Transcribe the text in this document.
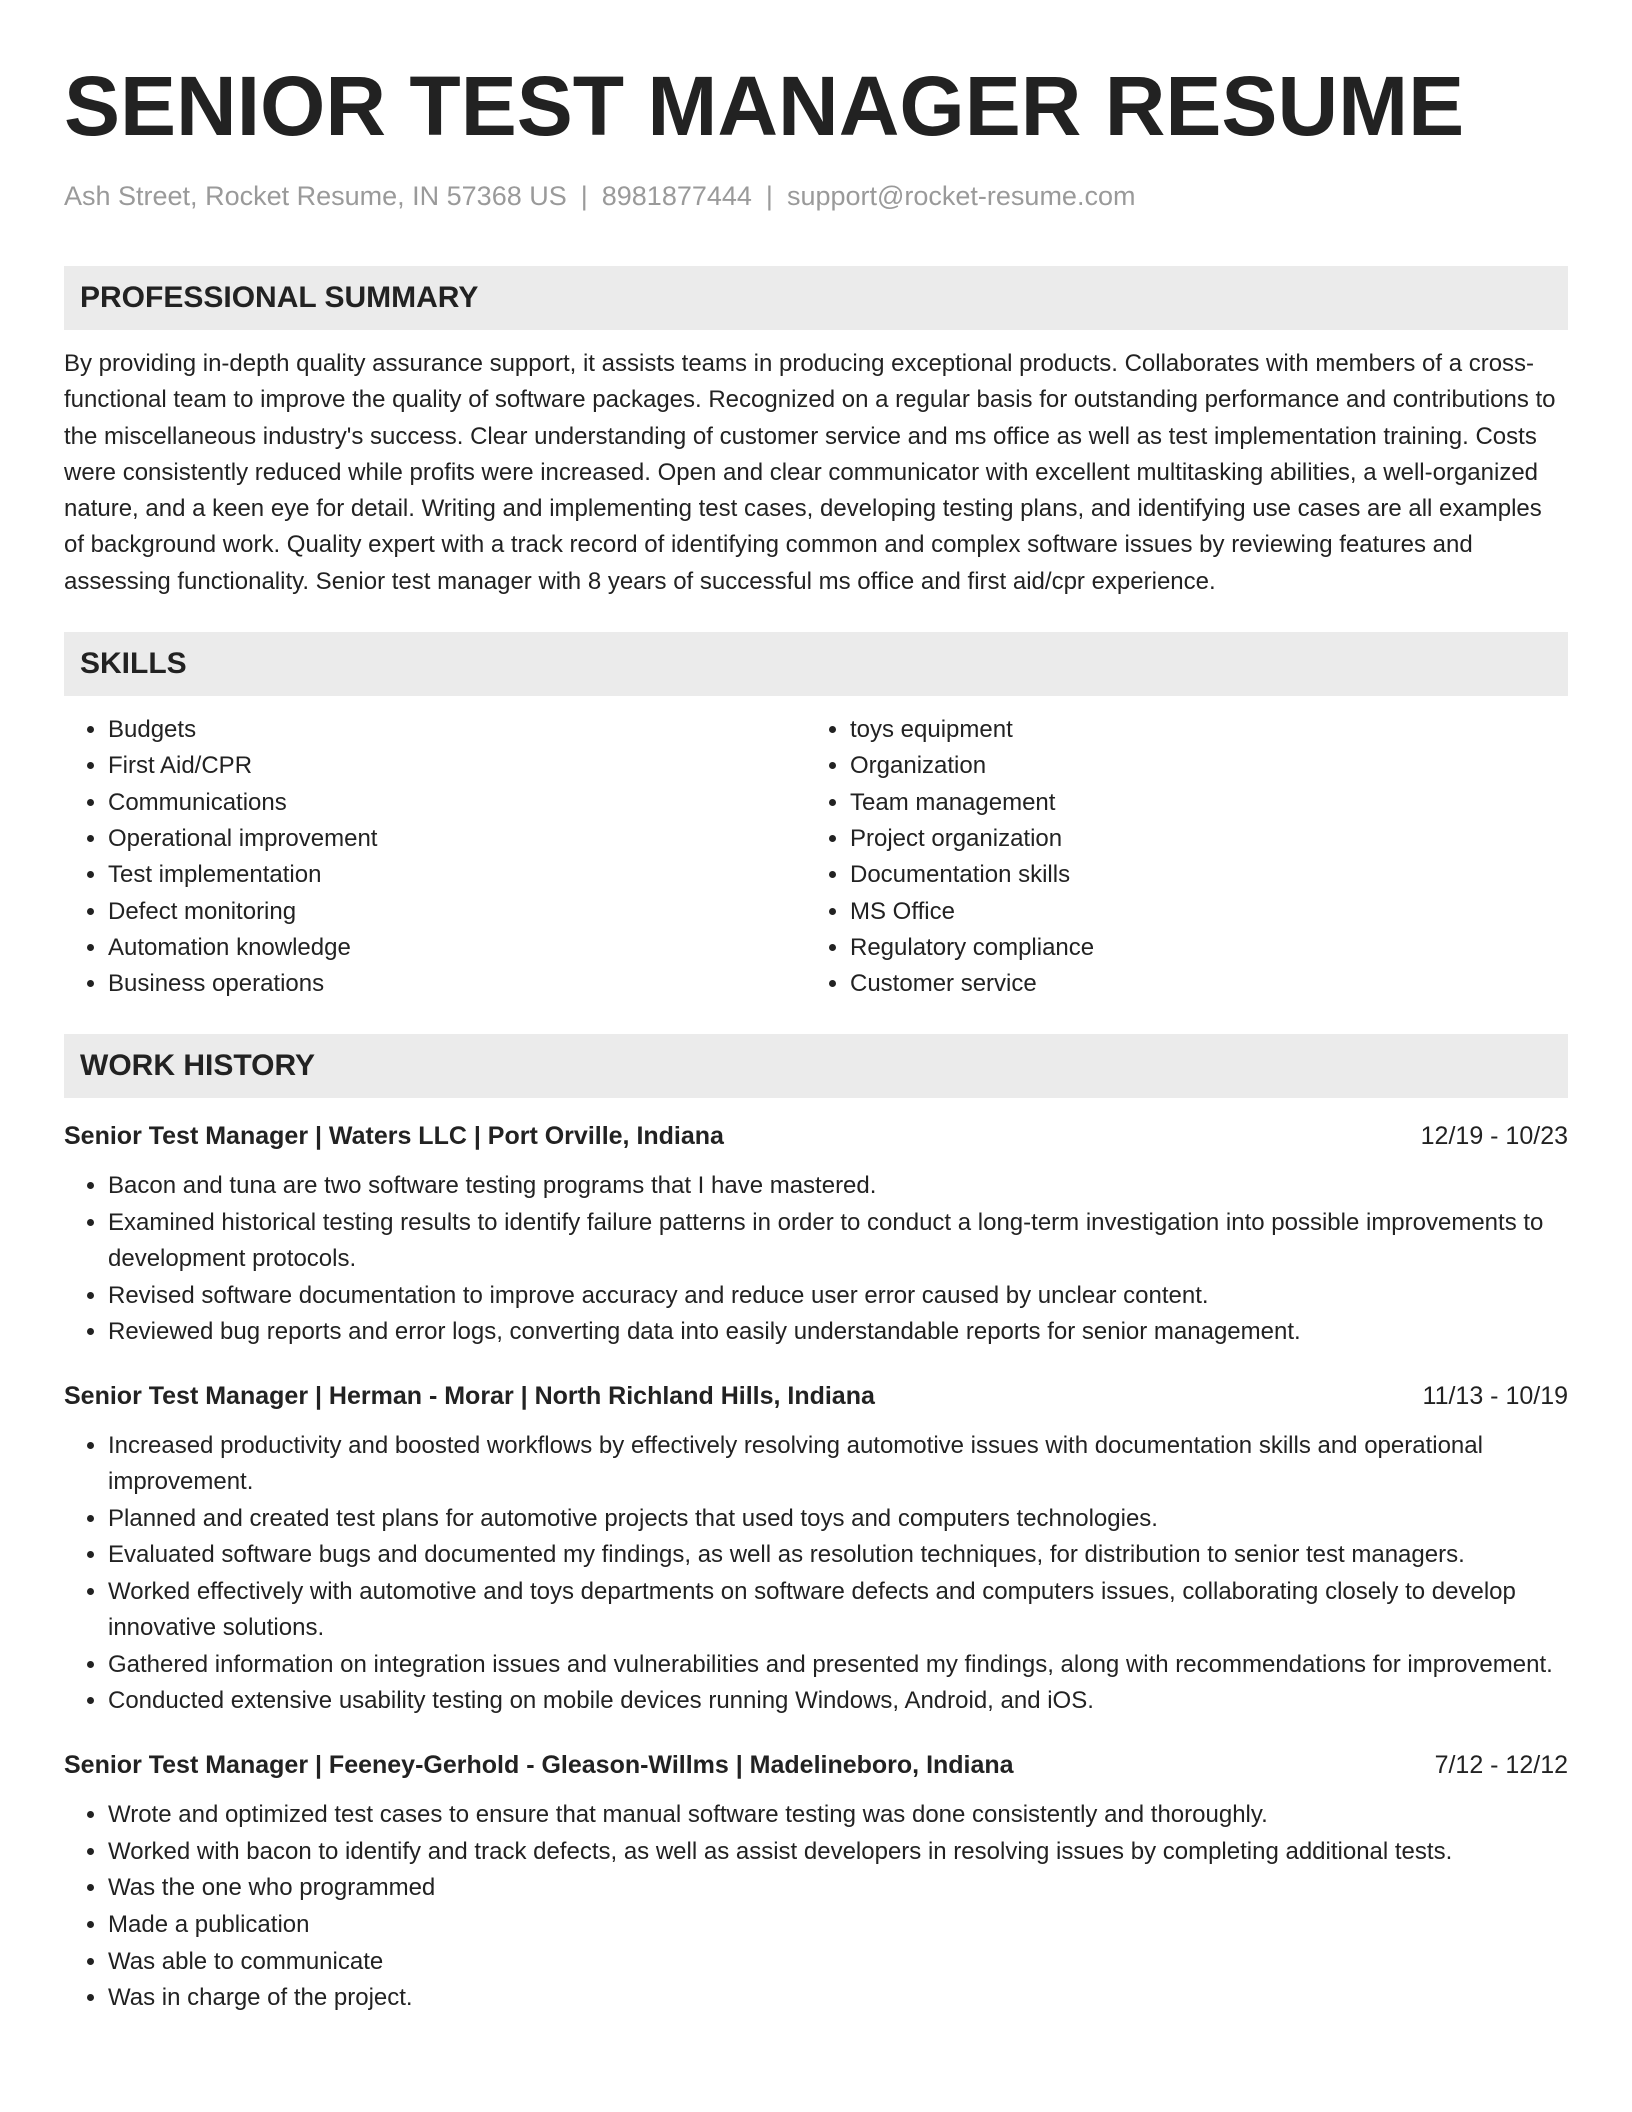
SENIOR TEST MANAGER RESUME
Ash Street, Rocket Resume, IN 57368 US | 8981877444 | support@rocket-resume.com
PROFESSIONAL SUMMARY

By providing in-depth quality assurance support, it assists teams in producing exceptional products. Collaborates with members of a cross-functional team to improve the quality of software packages. Recognized on a regular basis for outstanding performance and contributions to the miscellaneous industry's success. Clear understanding of customer service and ms office as well as test implementation training. Costs were consistently reduced while profits were increased. Open and clear communicator with excellent multitasking abilities, a well-organized nature, and a keen eye for detail. Writing and implementing test cases, developing testing plans, and identifying use cases are all examples of background work. Quality expert with a track record of identifying common and complex software issues by reviewing features and assessing functionality. Senior test manager with 8 years of successful ms office and first aid/cpr experience.

SKILLS
• Budgets
• First Aid/CPR
• Communications
• Operational improvement
• Test implementation
• Defect monitoring
• Automation knowledge
• Business operations
• toys equipment
• Organization
• Team management
• Project organization
• Documentation skills
• MS Office
• Regulatory compliance
• Customer service
WORK HISTORY
Senior Test Manager | Waters LLC | Port Orville, Indiana	12/19 - 10/23
• Bacon and tuna are two software testing programs that I have mastered.
• Examined historical testing results to identify failure patterns in order to conduct a long-term investigation into possible improvements to development protocols.
• Revised software documentation to improve accuracy and reduce user error caused by unclear content.
• Reviewed bug reports and error logs, converting data into easily understandable reports for senior management.
Senior Test Manager | Herman - Morar | North Richland Hills, Indiana	11/13 - 10/19
• Increased productivity and boosted workflows by effectively resolving automotive issues with documentation skills and operational improvement.
• Planned and created test plans for automotive projects that used toys and computers technologies.
• Evaluated software bugs and documented my findings, as well as resolution techniques, for distribution to senior test managers.
• Worked effectively with automotive and toys departments on software defects and computers issues, collaborating closely to develop innovative solutions.
• Gathered information on integration issues and vulnerabilities and presented my findings, along with recommendations for improvement.
• Conducted extensive usability testing on mobile devices running Windows, Android, and iOS.
Senior Test Manager | Feeney-Gerhold - Gleason-Willms | Madelineboro, Indiana	7/12 - 12/12
• Wrote and optimized test cases to ensure that manual software testing was done consistently and thoroughly.
• Worked with bacon to identify and track defects, as well as assist developers in resolving issues by completing additional tests.
• Was the one who programmed
• Made a publication
• Was able to communicate
• Was in charge of the project.
